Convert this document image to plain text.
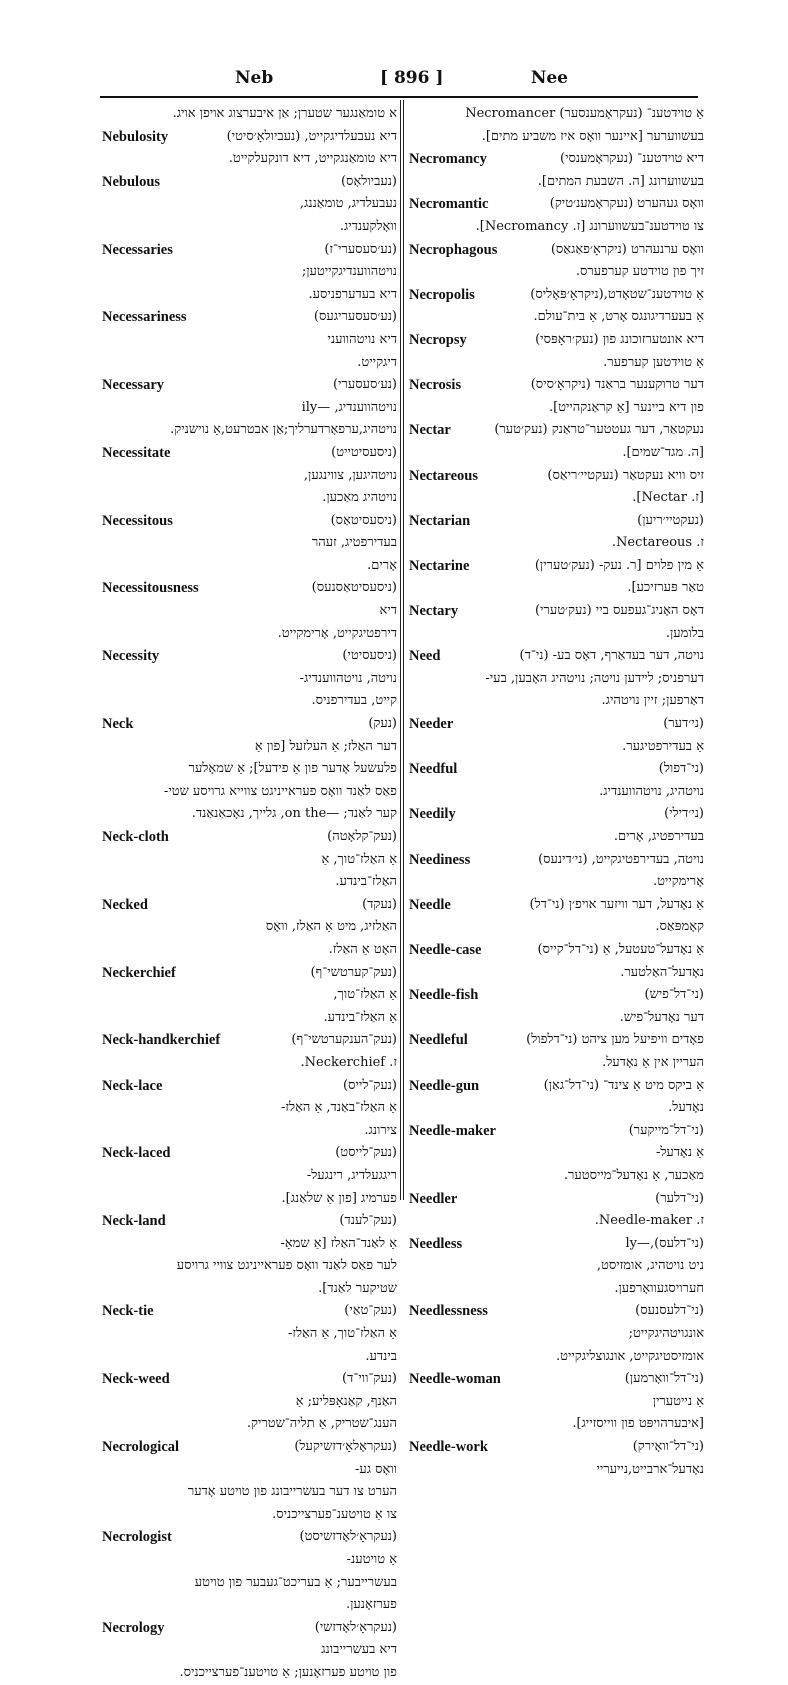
Neb	[ 896 ]	Nee
א טומאַנגער שטערן; אַן איבערצוג אויפן אויג.
Nebulosity	דיא נעבעלדיגקייט, (נעביולאָ׳סיטי)
דיא טומאַנגקייט, דיא דונקעלקייט.
Nebulous	(נעביולאָס)
נעבעלדיג, טומאַננג,
וואָלקענדיג.
Necessaries	(נע׳סעסערי־ז)
נויטהווענדיגקייטען;
דיא בעדערפניסע.
Necessariness	(נע׳סעסעריגעס)
דיא נויטהוועני
דיגקייט.
Necessary	(נע׳סעסערי)
נויטהווענדיג, —ily
נויטהיג,ערפאָרדערליך;אַן אבטרעט,אַ נוישניק.
Necessitate	(ניסעסיטייט)
נויטהיגען, צווינגען,
נויטהיג מאַכען.
Necessitous	(ניסעסיטאַס)
בעדירפטיג, זעהר
אָרים.
Necessitousness	(ניסעסיטאַסנעס)
דיא
דירפטיגקייט, אָרימקייט.
Necessity	(ניסעסיטי)
נויטה, נויטהווענדיג-
קייט, בעדירפניס.
Neck	(נעק)
דער האַלז; אַ העלזעל [פון אַ
פלעשעל אָדער פון אַ פידעל]; אַ שמאָלער
פאַס לאַנד וואָס פעראייניגט צווייא גרויסע שטי-
קער לאַנד; —on the, גלייך, נאָכאַנאַנד.
Neck-cloth	(נעק־קלאָטה)
אַ האַלז־טוך, אַ
האַלז־בינדע.
Necked	(נעקד)
האַלזיג, מיט אַ האַלז, וואָס
האָט אַ האַלז.
Neckerchief	(נעק־קערטשי־ף)
אַ האַלז־טוך,
אַ האַלז־בינדע.
Neck-handkerchief	(נעק־הענקערטשי־ף)
ז. Neckerchief.
Neck-lace	(נעק־לייס)
אַ האַלז־באַנד, אַ האַלז-
צירונג.
Neck-laced	(נעק־לייסט)
ריגגעלדיג, רינגעל-
פערמיג [פון אַ שלאַנג].
Neck-land	(נעק־לענד)
אַ לאַנד־האַלז [אַ שמאָ-
לער פאַס לאַנד וואָס פעראייניגט צוויי גרויסע
שטיקער לאַנד].
Neck-tie	(נעק־טאַי)
אַ האַלז־טוך, אַ האַלז-
בינדע.
Neck-weed	(נעק־ווי־ד)
האַנף, קאַנאָפּליע; אַ
הענג־שטריק, אַ תליה־שטריק.
Necrological	(נעקראָלאָ׳דזשיקעל)
וואָס גע-
הערט צו דער בעשרייבונג פון טויטע אָדער
צו אַ טויטענ־פערצייכניס.
Necrologist	(נעקראָ׳לאָדזשיסט)
אַ טויטענ-
בעשרייבער; אַ בעריכט־געבער פון טויטע
פערזאָנען.
Necrology	(נעקראָ׳לאָדזשי)
דיא בעשרייבונג
פון טויטע פערזאָנען; אַ טויטענ־פערצייכניס.
אַ טוידטענ־ (נעקראָמענסער) Necromancer
בעשווערער [איינער וואָס איז משביע מתים].
Necromancy	דיא טוידטענ־ (נעקראָמענסי)
בעשווערונג [ה. השבעת המתים].
Necromantic	וואָס געהערט (נעקראָמענ׳טיק)
צו טוידטענ־בעשווערונג [ז. Necromancy].
Necrophagous	וואָס ערנעהרט (ניקראָ׳פאַגאַס)
זיך פון טוידטע קערפערס.
Necropolis	אַ טוידטענ־שטאָדט,(ניקראָ׳פּאָליס)
אַ בעערדיגונגס אָרט, אַ בית־עולם.
Necropsy	דיא אונטערזוכונג פון (נעק׳ראָפּסי)
אַ טוידטען קערפער.
Necrosis	דער טרוקענער בראַנד (ניקראָ׳סיס)
פון דיא ביינער [אַ קראַנקהייט].
Nectar	נעקטאַר, דער געטטער־טראַנק (נעק׳טער)
[ה. מגד־שמים].
Nectareous	זיס וויא נעקטאַר (נעקטיי׳ריאַס)
[ז. Nectar].
Nectarian	(נעקטיי׳ריען)
ז. Nectareous.
Nectarine	אַ מין פלוים [ר. נעק- (נעק׳טערין)
טאַר פּערזיכע].
Nectary	דאָס האָניג־געפעס ביי (נעק׳טערי)
בלומען.
Need	נויטה, דער בעדאַרף, דאָס בע- (ני־ד)
דערפניס; לײדען נויטה; נויטהיג האָבען, בעי-
דאַרפען; זיין נויטהיג.
Needer	(ני׳דער)
אַ בעדירפטיגער.
Needful	(ני־דפול)
נויטהיג, נויטהווענדיג.
Needily	(ני׳דילי)
בעדירפטיג, אָרים.
Neediness	נויטה, בעדירפטיגקייט, (ני׳דינעס)
אָרימקייט.
Needle	אַ נאָדעל, דער וויזער אויפ׳ן (ני־דל)
קאָמפּאַס.
Needle-case	אַ נאָדעל־טעטעל, אַ (ני־דל־קייס)
נאָדעל־האַלטער.
Needle-fish	(ני־דל־פיש)
דער נאָדעל־פיש.
Needleful	פאָדים וויפיעל מען ציהט (ני־דלפול)
העריין אין אַ נאָדעל.
Needle-gun	אַ ביקס מיט אַ צינד־ (ני־דל־גאַן)
נאָדעל.
Needle-maker	(ני־דל־מייקער)
אַ נאָדעל-
מאַכער, אַ נאָדעל־מייסטער.
Needler	(ני־דלער)
ז. Needle-maker.
Needless	(ני־דלעס),—ly
ניט נויטהיג, אומזיסט,
חערויסגעוואָרפען.
Needlessness	(ני־דלעסנעס)
אונגויטהיגקייט;
אומזיסטיגקייט, אונגוצליגקייט.
Needle-woman	(ני־דל־וואָרמען)
אַ נייטערין
[איבערהויפּט פון ווייסזייג].
Needle-work	(ני־דל־וואָירק)
נאָדעל־ארבייט,נייעריי
